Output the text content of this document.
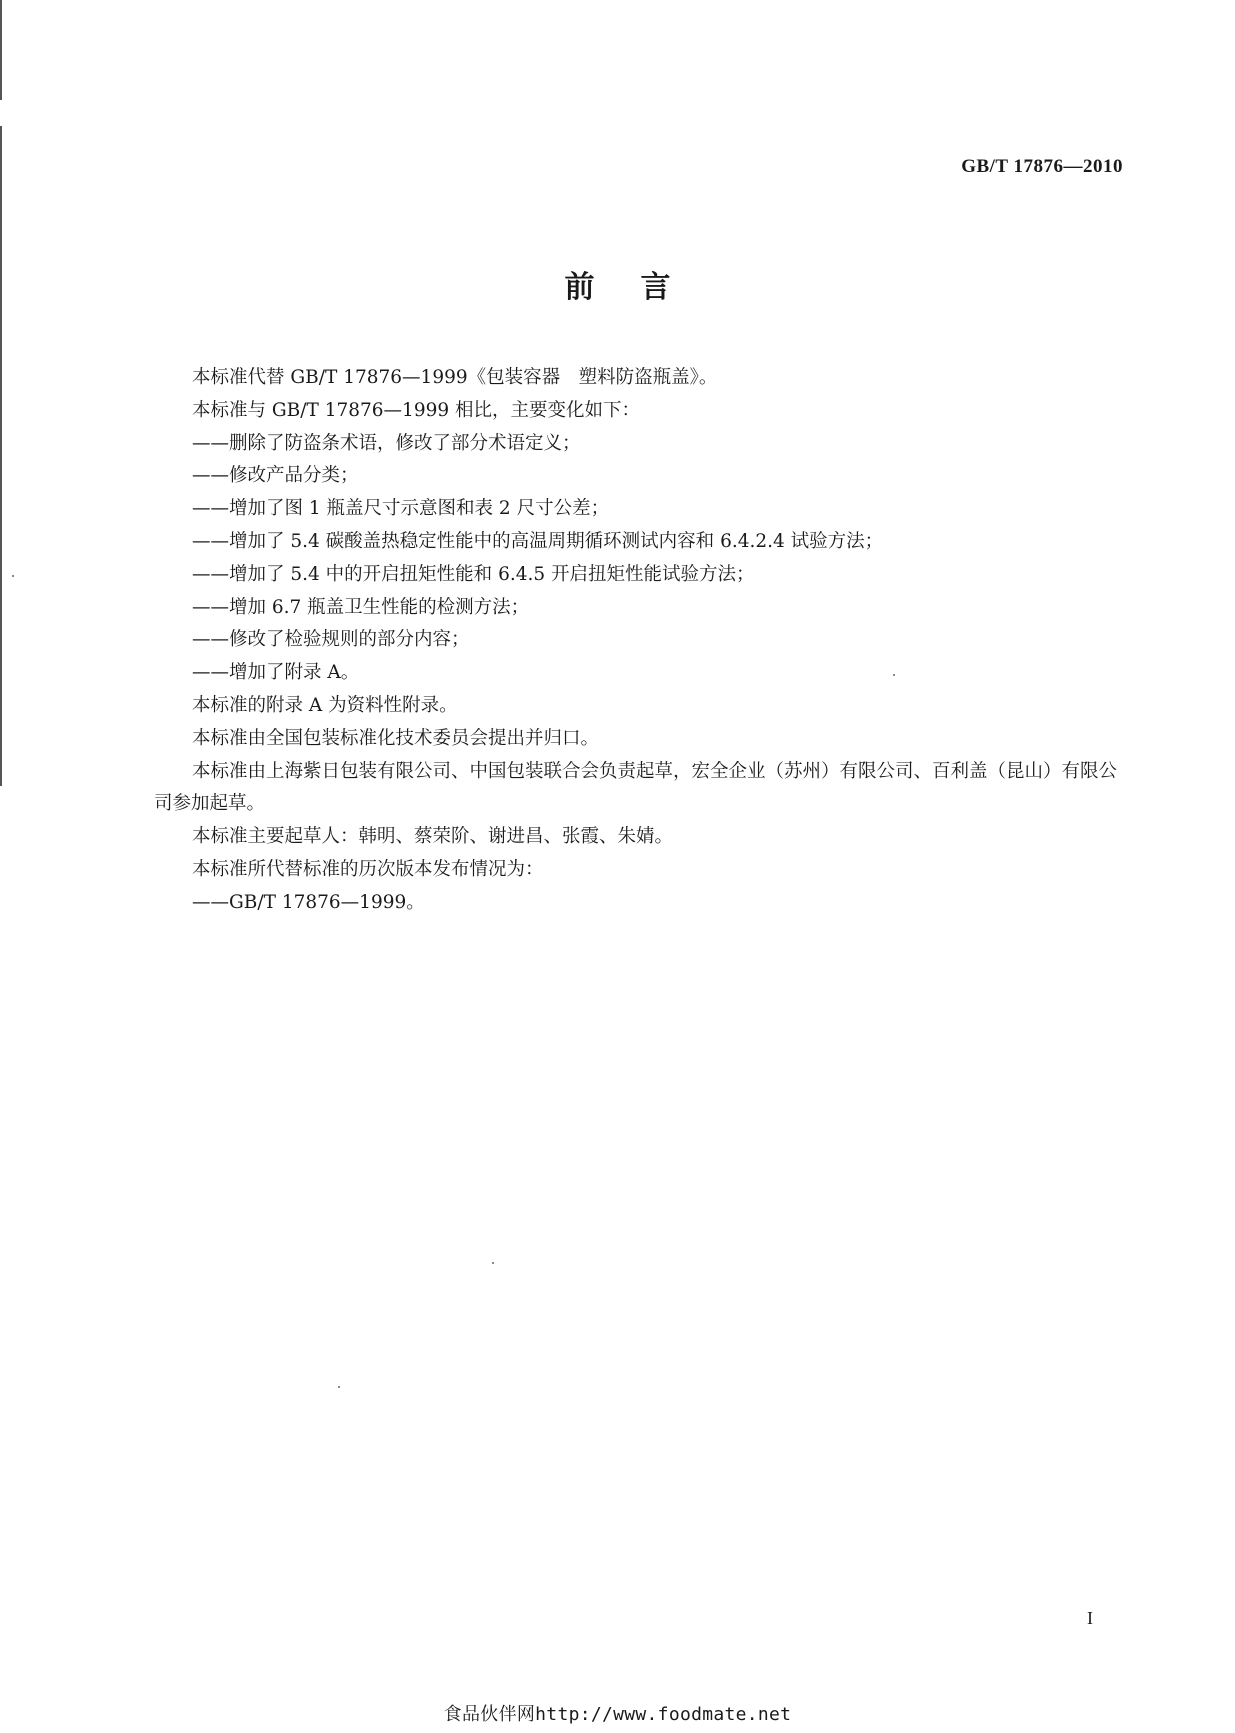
GB/T 17876—2010
前言
本标准代替 GB/T 17876—1999《包装容器　塑料防盗瓶盖》。
本标准与 GB/T 17876—1999 相比，主要变化如下：
——删除了防盗条术语，修改了部分术语定义；
——修改产品分类；
——增加了图 1 瓶盖尺寸示意图和表 2 尺寸公差；
——增加了 5.4 碳酸盖热稳定性能中的高温周期循环测试内容和 6.4.2.4 试验方法；
——增加了 5.4 中的开启扭矩性能和 6.4.5 开启扭矩性能试验方法；
——增加 6.7 瓶盖卫生性能的检测方法；
——修改了检验规则的部分内容；
——增加了附录 A。
本标准的附录 A 为资料性附录。
本标准由全国包装标准化技术委员会提出并归口。
本标准由上海紫日包装有限公司、中国包装联合会负责起草，宏全企业（苏州）有限公司、百利盖（昆山）有限公司参加起草。
本标准主要起草人：韩明、蔡荣阶、谢进昌、张霞、朱婧。
本标准所代替标准的历次版本发布情况为：
——GB/T 17876—1999。
I
食品伙伴网http://www.foodmate.net
